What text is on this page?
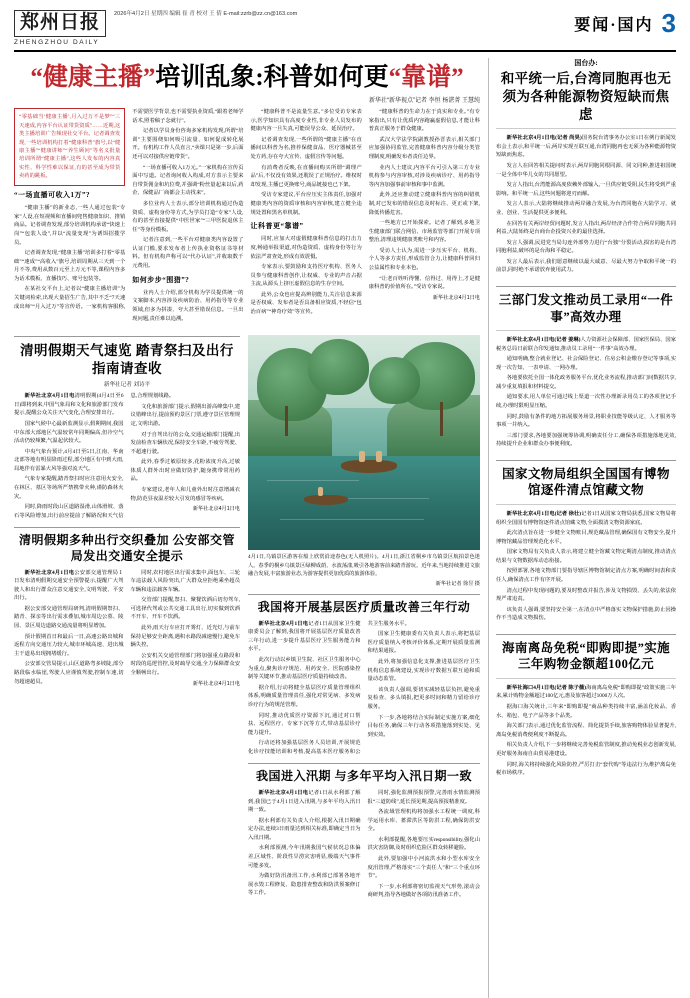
郑州日报
ZHENGZHOU DAILY
2026年4月2日 星期四 编辑 崔 青 校对 王 倩 E-mail:zzrb@zz.cn@163.com
要闻·国内 3
“健康主播”培训乱象:科普如何更“靠谱”
新华社“新华视点”记者 李恒 杨湛菁 王慧纯
“零基础当‘健康主播’,月入过万不是梦”“三天速成,内容平台认证带货资质”……近期,这类主播培训广告频现社交平台。记者调查发现,一些培训机构打着“健康科普”旗号,以“健康主播”“健康讲师”“养生顾问”等名义批量培训所谓“健康主播”,这些人发布的内容真实性、科学性难以保证,有的甚至成为带货卖药的跳板。
“一场直播可收入1万”?

“健康主播”的新业态,一些人通过包装“专家”人设,在短视频和直播间兜售健康知识、推销商品。记者调查发现,部分培训机构承诺“快速上岗”“包装人设”,并以“流量变现”为诱饵招揽学员。

记者调查发现,“健康主播”培训多打着“零基础”“速成”“高收入”旗号,培训周期从三天到一个月不等,费用从数百元至上万元不等,课程内容多为话术模板、直播技巧、账号包装等。

在某社交平台上,记者以“健康主播培训”为关键词检索,出现大量招生广告,其中不乏“7天速成出师”“月入过万”等宣传语。一家机构客服称,不需要医学背景,也不需要执业资质,“跟着老师学话术,照着稿子念就行”。

记者以学员身份咨询多家机构发现,所谓“培训”主要围绕如何吸引流量、如何促成转化展开。有机构工作人员直言,“卖课只是第一步,后面还可以对接供应链带货”。

“一场直播可收入1万元。”一家机构在宣传页面中写道。记者询问收入构成,对方表示主要来自带货佣金和坑位费,并强调“粉丝量起来以后,药企、保健品厂商都会主动找来”。

多位业内人士表示,部分培训机构通过伪造资质、虚构身份等方式,为学员打造“专家”人设,有的甚至直接提供“中医世家”“三甲医院退休主任”等身份模板。

记者注意到,一些平台对健康类内容设置了认证门槛,要求发布者上传执业资格证书等材料。但有机构声称可以“代办认证”,并收取数千元费用。

如何步步“围猎”?

业内人士介绍,部分机构为学员提供统一的文案脚本,内容涉及疾病防治、用药指导等专业领域,但多为拼凑、夸大甚至错误信息。一旦出现问题,责任难以追溯。

“健康科普不是流量生意。”多位受访专家表示,医学知识具有高度专业性,非专业人员发布的健康内容一旦失真,可能误导公众、延误治疗。

记者调查发现,一些所谓的“健康主播”在直播间以科普为名,推荐保健食品、医疗器械甚至处方药,存在夸大宣传、虚假宣传等问题。

有消费者反映,在直播间购买所谓“调理产品”后,不仅没有效果,还耽误了正规治疗。维权时却发现,主播已更换账号,商品链接也已下架。

受访专家建议,平台应压实主体责任,加强对健康类内容的资质审核和内容审核,建立健全违规处置和黑名单机制。

让科普更“靠谱”

同时,应加大对虚假健康科普信息的打击力度,畅通举报渠道,对伪造资质、虚构身份等行为依法严肃查处,形成有效震慑。

专家表示,要鼓励和支持医疗机构、医务人员参与健康科普创作,让权威、专业的声音占据主流,从源头上挤压虚假信息的生存空间。

此外,公众也应提高辨别能力,关注信息来源是否权威、发布者是否具备相应资质,不轻信“包治百病”“神奇疗效”等宣传。

“健康科普的生命力在于真实和专业。”有专家指出,只有让优质内容跑赢虚假信息,才能让科普真正服务于群众健康。

武汉大学法学院副教授孙晋表示,相关部门应加强协同监管,完善健康科普内容分级分类管理制度,明确发布者责任边界。

业内人士建议,内容平台可引入第三方专业机构参与内容审核,对涉及疾病诊疗、用药指导等内容加强事前审核和事中监测。

此外,还应推动建立健康科普内容的纠错机制,对已发布的错误信息及时标注、更正或下架,降低传播危害。

一些地方已开始探索。记者了解到,多地卫生健康部门联合网信、市场监管等部门开展专项整治,清理违规健康类账号和内容。

受访人士认为,需进一步压实平台、机构、个人等多方责任,形成监管合力,让健康科普回归公益属性和专业本色。

“让老百姓听得懂、信得过、用得上,才是健康科普的价值所在。”受访专家说。

新华社北京4月1日电
清明假期天气速览 踏青祭扫及出行指南请查收
新华社记者 刘诗平

新华社北京4月1日电清明假期(4月4日至6日)即将到来,中国气象局和文化和旅游部门发布提示,提醒公众关注天气变化,合理安排出行。

国家气候中心最新监测显示,假期期间,我国中东部大部地区气温较常年同期偏高,但冷空气活动仍较频繁,气温起伏较大。

中央气象台预计,4月4日至5日,江南、华南北部等地有明显降雨过程,部分地区有中到大雨,局地伴有雷暴大风等强对流天气。

气象专家提醒,踏青祭扫时应注意用火安全,在林区、墓区等场所严禁携带火种,谨防森林火灾。

同时,降雨时段山区道路湿滑,山体滑坡、落石等风险增加,出行前应提前了解路况和天气信息,合理规划线路。

文化和旅游部门提示,假期出游高峰集中,建议错峰出行,提前预约景区门票,遵守景区管理规定,文明出游。

对于自驾出行的公众,交通运输部门提醒,出发前检查车辆状况,保持安全车距,不疲劳驾驶、不超速行驶。

此外,春季过敏原较多,花粉浓度升高,过敏体质人群外出时应做好防护,随身携带常用药品。

专家建议,老年人和儿童外出时注意增减衣物,防范昼夜温差较大引发的感冒等疾病。

新华社北京4月1日电
清明假期多种出行交织叠加 公安部交管局发出交通安全提示

新华社北京4月1日电公安部交通管理局１日发布清明假期交通安全预警提示,提醒广大驾驶人和出行群众注意交通安全,文明驾驶、平安出行。

据公安部交通管理局研判,清明假期祭扫、踏青、探亲等出行需求叠加,城市周边公墓、陵园、景区周边道路交通流量将明显增加。

预计假期首日和最后一日,高速公路出城和返程方向交通压力较大,城市环城高速、进出城主干道易出现拥堵缓行。

公安部交管局提示,山区道路弯多坡陡,部分路段临水临崖,驾驶人应谨慎驾驶,控制车速,切勿超速超员。

同时,农村地区出行需求集中,面包车、三轮车违法载人风险突出,广大群众应拒绝乘坐超员车辆和违法载客车辆。

交管部门提醒,祭扫、聚餐饮酒后切勿驾车,可选择代驾或公共交通工具出行,切实做到饮酒不开车、开车不饮酒。

此外,雨天行车应打开雾灯、近光灯,与前车保持足够安全距离,遇积水路段减速慢行,避免车辆失控。

公安机关交通管理部门将加强重点路段和时段的巡逻管控,及时疏导交通,全力保障群众安全顺畅出行。

新华社北京4月1日电
4月1日,乌镇景区游客在船上欣赏沿途春色(无人机照片)。4月1日,浙江省桐乡市乌镇景区航拍景色迷人。春季的桐乡乌镇景区绿柳成荫、水波荡漾,吸引各地游客前来踏青游玩。近年来,当地持续推进文旅融合发展,丰富旅游业态,为游客提供更加优质的旅游体验。
新华社记者 徐昱 摄
我国将开展基层医疗质量改善三年行动

新华社北京4月1日电记者1日从国家卫生健康委员会了解到,我国将开展基层医疗质量改善三年行动,进一步提升基层医疗卫生服务能力和水平。

此次行动以乡镇卫生院、社区卫生服务中心为重点,聚焦诊疗规范、用药安全、医院感染控制等关键环节,推动基层医疗质量持续改善。

据介绍,行动将健全基层医疗质量管理组织体系,明确质量管理责任,强化对常见病、多发病诊疗行为的规范管理。

同时,推动优质医疗资源下沉,通过对口帮扶、远程医疗、专家下沉等方式,带动基层诊疗能力提升。

行动还将加强基层医务人员培训,开展规范化诊疗技能培训和考核,提高基本医疗服务和公共卫生服务水平。

国家卫生健康委有关负责人表示,将把基层医疗质量纳入考核评价体系,定期开展质量监测和结果通报。

此外,将加强信息化支撑,推进基层医疗卫生机构信息系统建设,实现诊疗数据互联互通和质量动态监管。

该负责人强调,要切实减轻基层负担,避免重复检查、多头填报,把更多时间和精力留给诊疗服务。

下一步,各地将结合实际制定实施方案,细化目标任务,确保三年行动各项措施落到实处、见到实效。

我国进入汛期 与多年平均入汛日期一致

新华社北京4月1日电记者1日从水利部了解到,我国已于4月1日进入汛期,与多年平均入汛日期一致。

据水利部有关负责人介绍,根据入汛日期确定办法,连续3日雨量达到相关标准,即确定当日为入汛日期。

水利部预测,今年汛期我国气候状况总体偏差,区域性、阶段性旱涝灾害明显,极端天气事件可能多发。

为做好防汛备汛工作,水利部已部署各地开展水毁工程修复、隐患排查整改和防洪预案修订等工作。

同时,强化监测预报预警,完善雨水情监测预报“三道防线”,延长预见期,提高预报精准度。

各流域管理机构将加强水工程统一调度,科学运用水库、蓄滞洪区等防洪工程,确保防洪安全。

水利部提醒,各地要压实responsibility,强化山洪灾害防御,及时组织危险区群众转移避险。

此外,要加强中小河流洪水和小型水库安全度汛管理,严格落实“三个责任人”和“三个重点环节”。

下一步,水利部将密切监视天气形势,滚动会商研判,指导各地做好各项防汛准备工作。

国台办:
和平统一后,台湾同胞再也无须为各种能源物资短缺而焦虑

新华社北京4月1日电(记者 尚昊)国务院台湾事务办公室1日在例行新闻发布会上表示,和平统一后,两岸实现互联互通,台湾同胞再也无须为各种能源物资短缺而焦虑。

发言人在回答相关提问时表示,两岸同胞同根同源、同文同种,推进祖国统一是全体中华儿女的共同愿望。

发言人指出,台湾能源高度依赖外部输入,一旦供应链受阻,民生将受到严重影响。和平统一后,这些问题将迎刃而解。

发言人表示,大陆将继续推动两岸融合发展,为台湾同胞在大陆学习、就业、创业、生活提供更多便利。

在回答有关两岸经贸问题时,发言人指出,两岸经济合作符合两岸同胞共同利益,大陆始终是台商台企投资兴业的最佳选择。

发言人强调,民进党当局勾连外部势力进行“台独”分裂活动,损害的是台湾同胞利益,破坏的是台海和平稳定。

发言人最后表示,我们愿意继续以最大诚意、尽最大努力争取和平统一的前景,同时绝不承诺放弃使用武力。

三部门发文推动员工录用“一件事”高效办理

新华社北京4月1日电(记者 姜琳)人力资源社会保障部、国家医保局、国家税务总局日前联合印发通知,推动员工录用“一件事”高效办理。

通知明确,整合就业登记、社会保险登记、住房公积金缴存登记等事项,实现一次告知、一表申请、一网办理。

各地要依托全国一体化政务服务平台,优化业务流程,推动部门间数据共享,减少重复填报和材料提交。

通知要求,用人单位可通过线上渠道一次性办理新录用员工的各项登记手续,办理时限明显压缩。

同时,鼓励有条件的地方拓展服务场景,将职业技能等级认定、人才服务等事项一并纳入。

三部门要求,各地要加强统筹协调,明确责任分工,确保各项措施落地见效,持续提升企业和群众办事便利度。

国家文物局组织全国国有博物馆逐件清点馆藏文物

新华社北京4月1日电(记者 徐壮)记者1日从国家文物局获悉,国家文物局将组织全国国有博物馆逐件清点馆藏文物,全面摸清文物资源家底。

此次清点旨在进一步健全文物账目,规范藏品管理,确保国有文物安全,提升博物馆藏品管理规范化水平。

国家文物局有关负责人表示,将建立健全馆藏文物定期清点制度,推动清点结果与文物数据库动态衔接。

按照部署,各地文物部门要指导辖区博物馆制定清点方案,明确时间表和责任人,确保清点工作有序开展。

清点过程中发现问题的,要及时整改并报告,涉及文物损毁、丢失的,依法依规严肃追责。

该负责人强调,要坚持安全第一,在清点中严格落实文物保护措施,防止因操作不当造成文物损伤。

海南离岛免税“即购即提”实施三年购物金额超100亿元

新华社海口4月1日电(记者 陈子薇)海南离岛免税“即购即提”政策实施三年来,累计购物金额超过100亿元,惠及旅客超过1000万人次。

据海口海关统计,三年来“即购即提”商品种类持续丰富,涵盖化妆品、香水、箱包、电子产品等多个品类。

海关部门表示,通过优化监管流程、简化提货手续,旅客购物体验显著提升,离岛免税消费便利度不断提高。

相关负责人介绍,下一步将继续完善免税监管制度,推动免税业态创新发展,更好服务海南自由贸易港建设。

同时,海关将持续强化风险防控,严厉打击“套代购”等违法行为,维护离岛免税市场秩序。
